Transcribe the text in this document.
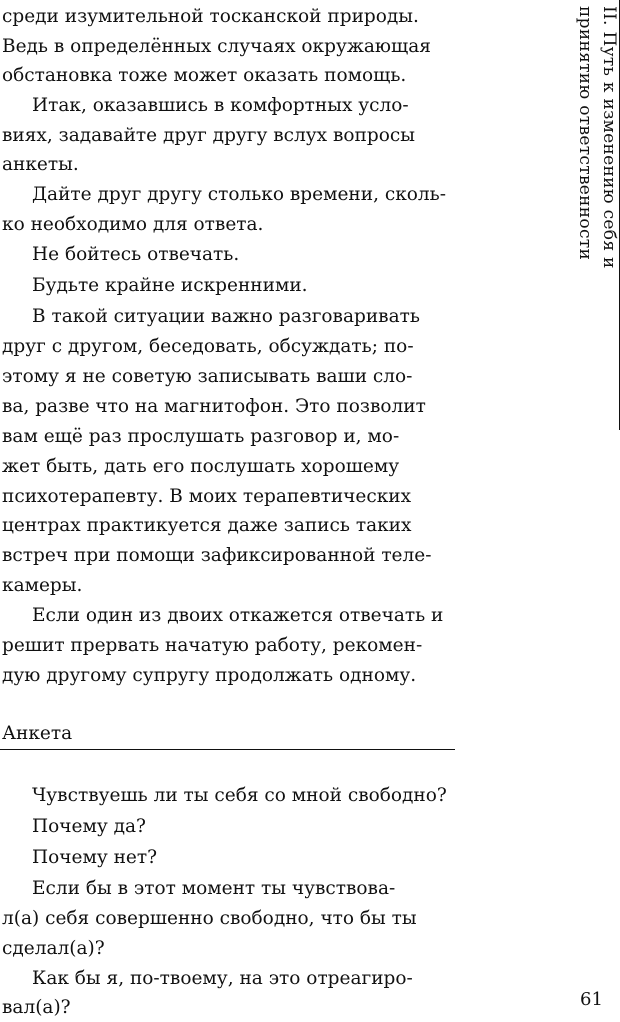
среди изумительной тосканской природы.
Ведь в определённых случаях окружающая
обстановка тоже может оказать помощь.
Итак, оказавшись в комфортных усло-
виях, задавайте друг другу вслух вопросы
анкеты.
Дайте друг другу столько времени, сколь-
ко необходимо для ответа.
Не бойтесь отвечать.
Будьте крайне искренними.
В такой ситуации важно разговаривать
друг с другом, беседовать, обсуждать; по-
этому я не советую записывать ваши сло-
ва, разве что на магнитофон. Это позволит
вам ещё раз прослушать разговор и, мо-
жет быть, дать его послушать хорошему
психотерапевту. В моих терапевтических
центрах практикуется даже запись таких
встреч при помощи зафиксированной теле-
камеры.
Если один из двоих откажется отвечать и
решит прервать начатую работу, рекомен-
дую другому супругу продолжать одному.
Анкета
Чувствуешь ли ты себя со мной свободно?
Почему да?
Почему нет?
Если бы в этот момент ты чувствова-
л(а) себя совершенно свободно, что бы ты
сделал(а)?
Как бы я, по-твоему, на это отреагиро-
вал(а)?
II. Путь к изменению себя и
принятию ответственности
61
